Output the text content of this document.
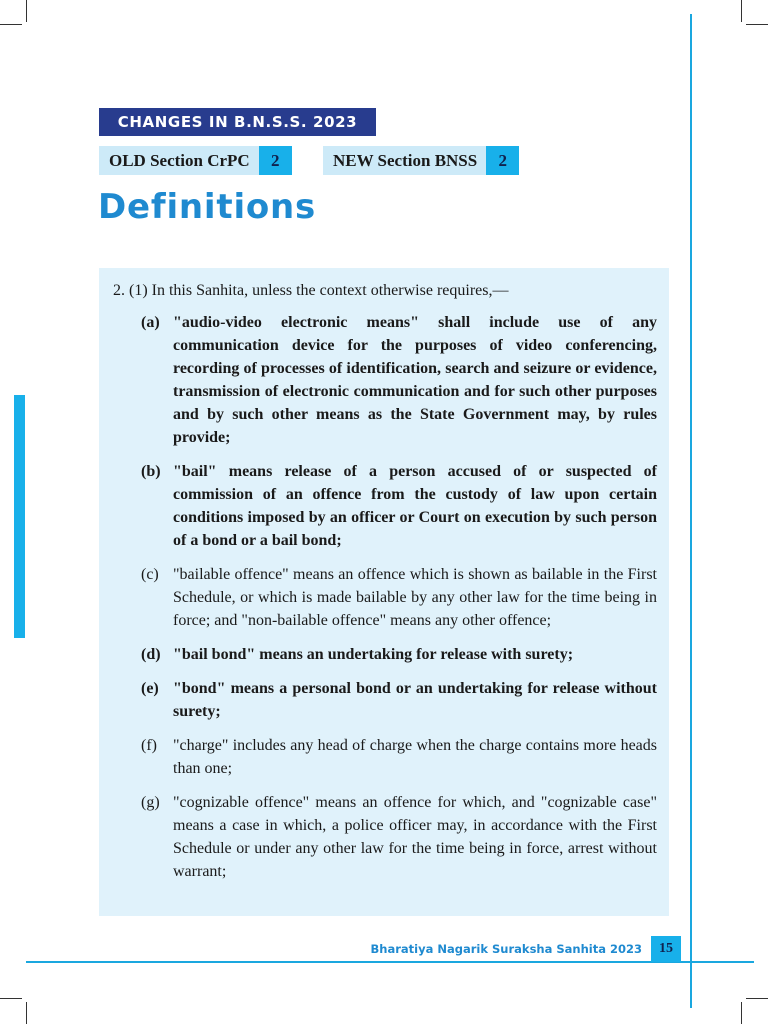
CHANGES IN B.N.S.S. 2023
OLD Section CrPC	2	NEW Section BNSS	2
Definitions
2. (1) In this Sanhita, unless the context otherwise requires,—
(a) "audio-video electronic means" shall include use of any communication device for the purposes of video conferencing, recording of processes of identification, search and seizure or evidence, transmission of electronic communication and for such other purposes and by such other means as the State Government may, by rules provide;
(b) "bail" means release of a person accused of or suspected of commission of an offence from the custody of law upon certain conditions imposed by an officer or Court on execution by such person of a bond or a bail bond;
(c) "bailable offence" means an offence which is shown as bailable in the First Schedule, or which is made bailable by any other law for the time being in force; and "non-bailable offence" means any other offence;
(d) "bail bond" means an undertaking for release with surety;
(e) "bond" means a personal bond or an undertaking for release without surety;
(f)	"charge" includes any head of charge when the charge contains more heads than one;
(g) "cognizable offence" means an offence for which, and "cognizable case" means a case in which, a police officer may, in accordance with the First Schedule or under any other law for the time being in force, arrest without warrant;
Bharatiya Nagarik Suraksha Sanhita 2023	15
